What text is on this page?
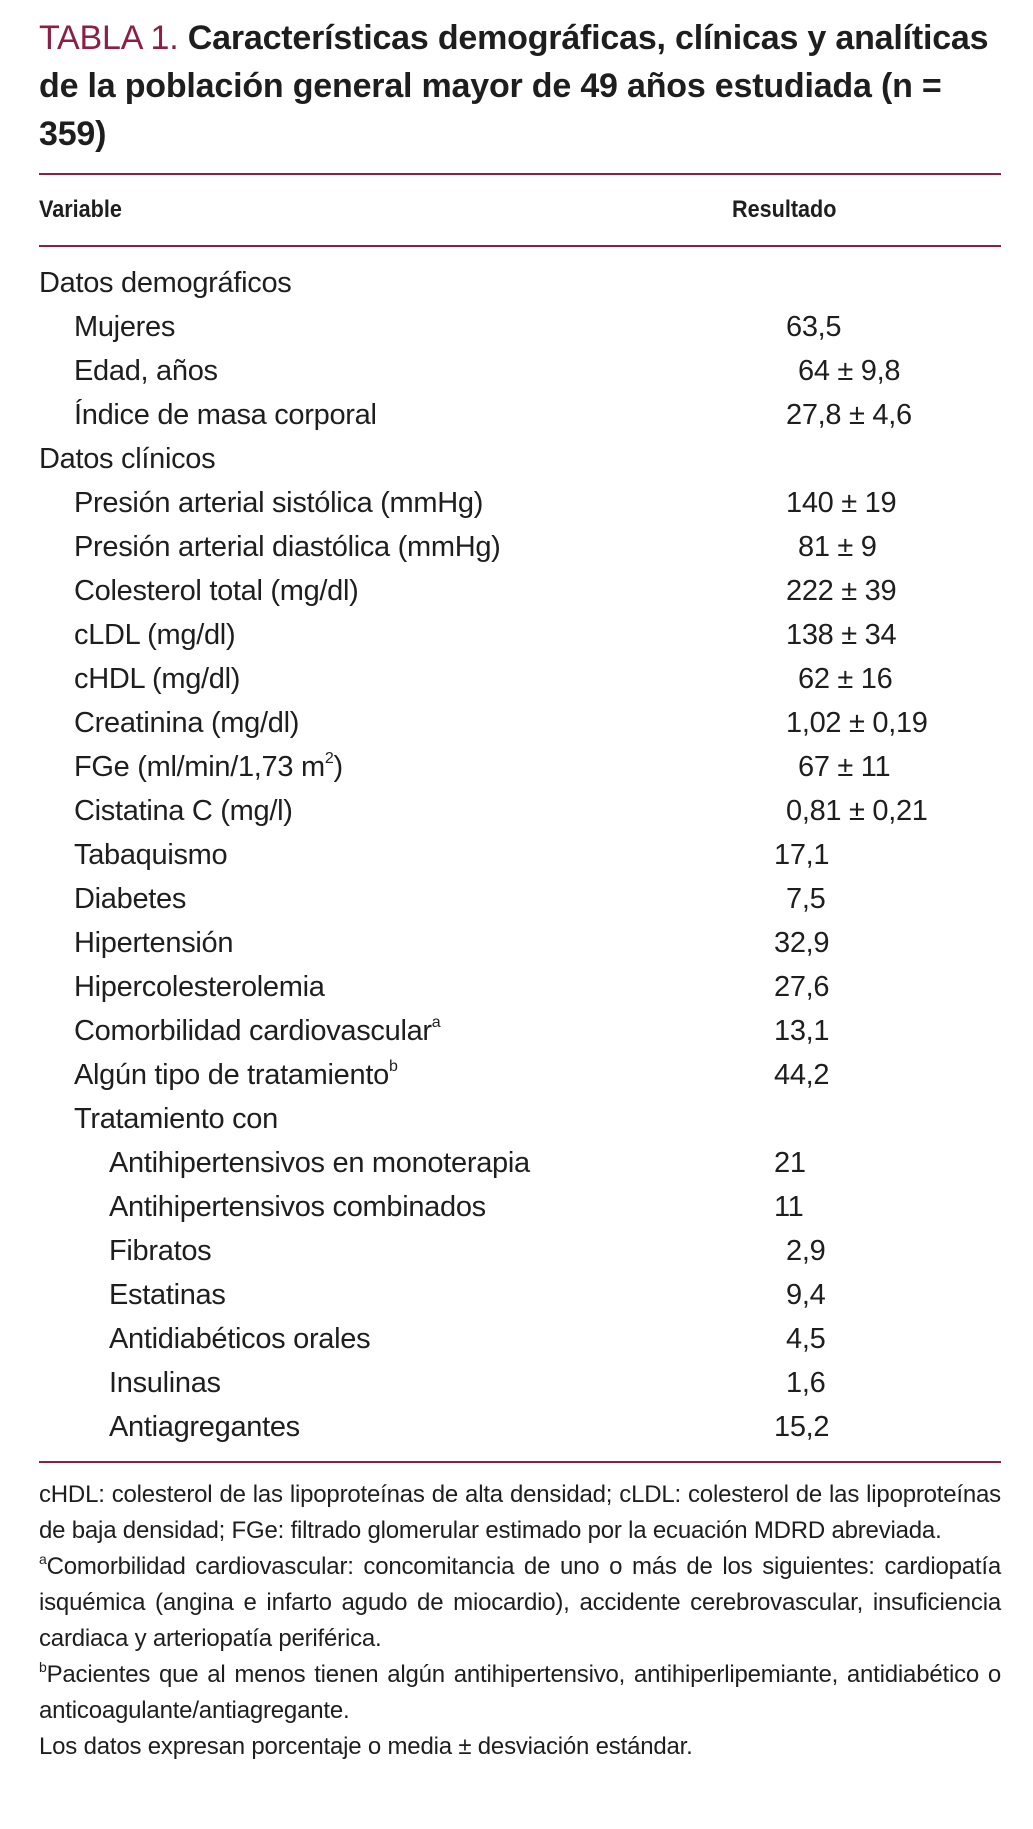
TABLA 1. Características demográficas, clínicas y analíticas de la población general mayor de 49 años estudiada (n = 359)
Variable	Resultado
Datos demográficos
Mujeres	63,5
Edad, años	64 ± 9,8
Índice de masa corporal	27,8 ± 4,6
Datos clínicos
Presión arterial sistólica (mmHg)	140 ± 19
Presión arterial diastólica (mmHg)	81 ± 9
Colesterol total (mg/dl)	222 ± 39
cLDL (mg/dl)	138 ± 34
cHDL (mg/dl)	62 ± 16
Creatinina (mg/dl)	1,02 ± 0,19
FGe (ml/min/1,73 $m^2$)	67 ± 11
Cistatina C (mg/l)	0,81 ± 0,21
Tabaquismo	17,1
Diabetes	7,5
Hipertensión	32,9
Hipercolesterolemia	27,6
Comorbilidad cardiovascular$^a$	13,1
Algún tipo de tratamiento$^b$	44,2
Tratamiento con
Antihipertensivos en monoterapia	21
Antihipertensivos combinados	11
Fibratos	2,9
Estatinas	9,4
Antidiabéticos orales	4,5
Insulinas	1,6
Antiagregantes	15,2

cHDL: colesterol de las lipoproteínas de alta densidad; cLDL: colesterol de las lipoproteínas de baja densidad; FGe: filtrado glomerular estimado por la ecuación MDRD abreviada.

$^a$Comorbilidad cardiovascular: concomitancia de uno o más de los siguientes: cardiopatía isquémica (angina e infarto agudo de miocardio), accidente cerebrovascular, insuficiencia cardiaca y arteriopatía periférica.

$^b$Pacientes que al menos tienen algún antihipertensivo, antihiperlipemiante, antidiabético o anticoagulante/antiagregante.

Los datos expresan porcentaje o media ± desviación estándar.
